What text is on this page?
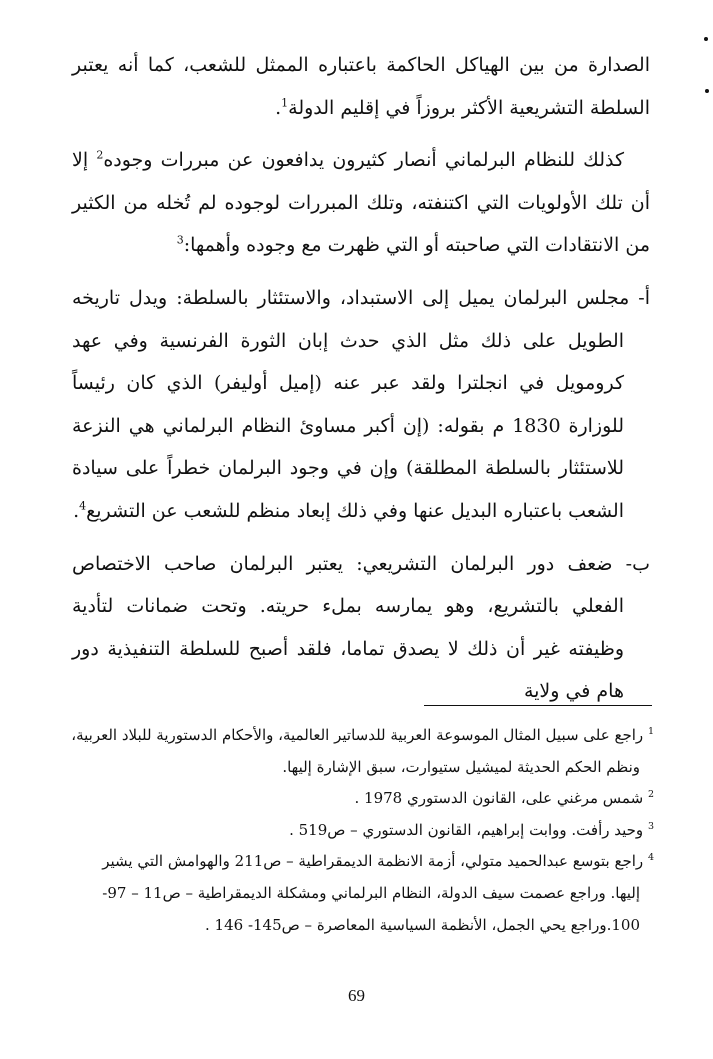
الصدارة من بين الهياكل الحاكمة باعتباره الممثل للشعب، كما أنه يعتبر السلطة التشريعية الأكثر بروزاً في إقليم الدولة$^1$.

كذلك للنظام البرلماني أنصار كثيرون يدافعون عن مبررات وجوده$^2$ إلا أن تلك الأولويات التي اكتنفته، وتلك المبررات لوجوده لم تُخله من الكثير من الانتقادات التي صاحبته أو التي ظهرت مع وجوده وأهمها:$^3$

أ- مجلس البرلمان يميل إلى الاستبداد، والاستئثار بالسلطة: ويدل تاريخه الطويل على ذلك مثل الذي حدث إبان الثورة الفرنسية وفي عهد كرومويل في انجلترا ولقد عبر عنه (إميل أوليفر) الذي كان رئيساً للوزارة 1830 م بقوله: (إن أكبر مساوئ النظام البرلماني هي النزعة للاستئثار بالسلطة المطلقة) وإن في وجود البرلمان خطراً على سيادة الشعب باعتباره البديل عنها وفي ذلك إبعاد منظم للشعب عن التشريع$^4$.

ب- ضعف دور البرلمان التشريعي: يعتبر البرلمان صاحب الاختصاص الفعلي بالتشريع، وهو يمارسه بملء حريته. وتحت ضمانات لتأدية وظيفته غير أن ذلك لا يصدق تماما، فلقد أصبح للسلطة التنفيذية دور هام في ولاية

$^1$ راجع على سبيل المثال الموسوعة العربية للدساتير العالمية، والأحكام الدستورية للبلاد العربية،

ونظم الحكم الحديثة لميشيل ستيوارت، سبق الإشارة إليها.

$^2$ شمس مرغني على، القانون الدستوري 1978 .

$^3$ وحيد رأفت. ووابت إبراهيم، القانون الدستوري – ص519 .

$^4$ راجع بتوسع عبدالحميد متولي، أزمة الانظمة الديمقراطية – ص211 والهوامش التي يشير

إليها. وراجع عصمت سيف الدولة، النظام البرلماني ومشكلة الديمقراطية – ص11 – 97-

100.وراجع يحي الجمل، الأنظمة السياسية المعاصرة – ص145- 146 .

69
